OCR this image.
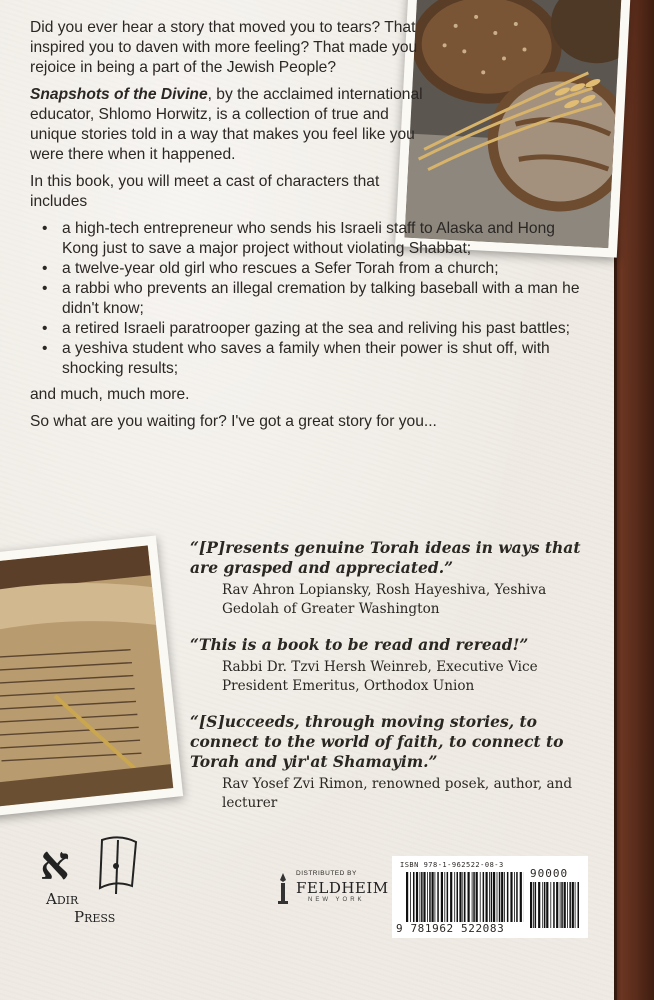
Did you ever hear a story that moved you to tears? That inspired you to daven with more feeling? That made you rejoice in being a part of the Jewish People?

Snapshots of the Divine, by the acclaimed international educator, Shlomo Horwitz, is a collection of true and unique stories told in a way that makes you feel like you were there when it happened.

In this book, you will meet a cast of characters that includes

• a high-tech entrepreneur who sends his Israeli staff to Alaska and Hong Kong just to save a major project without violating Shabbat;
• a twelve-year old girl who rescues a Sefer Torah from a church;
• a rabbi who prevents an illegal cremation by talking baseball with a man he didn't know;
• a retired Israeli paratrooper gazing at the sea and reliving his past battles;
• a yeshiva student who saves a family when their power is shut off, with shocking results;

and much, much more.

So what are you waiting for? I've got a great story for you...

“[P]resents genuine Torah ideas in ways that are grasped and appreciated.”
Rav Ahron Lopiansky, Rosh Hayeshiva, Yeshiva Gedolah of Greater Washington
“This is a book to be read and reread!”
Rabbi Dr. Tzvi Hersh Weinreb, Executive Vice President Emeritus, Orthodox Union
“[S]ucceeds, through moving stories, to connect to the world of faith, to connect to Torah and yir'at Shamayim.”
Rav Yosef Zvi Rimon, renowned posek, author, and lecturer
א
Adir
Press
DISTRIBUTED BY
FELDHEIM
NEW YORK
ISBN 978-1-962522-08-3
90000
9 781962 522083
